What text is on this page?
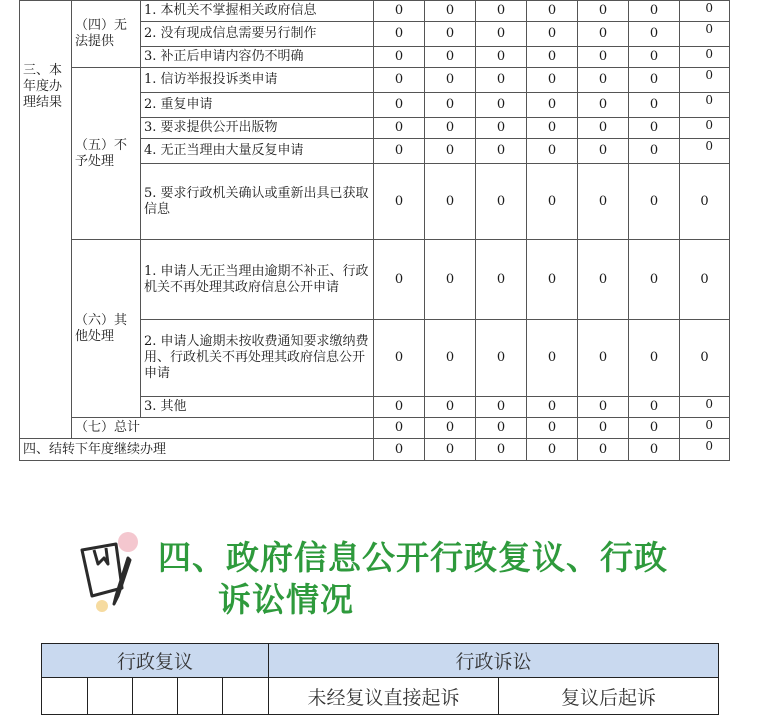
三、本年度办理结果	（四）无法提供	1. 本机关不掌握相关政府信息	0	0	0	0	0	0	0

		2. 没有现成信息需要另行制作	0	0	0	0	0	0	0

		3. 补正后申请内容仍不明确	0	0	0	0	0	0	0

	（五）不予处理	1. 信访举报投诉类申请	0	0	0	0	0	0	0

		2. 重复申请	0	0	0	0	0	0	0

		3. 要求提供公开出版物	0	0	0	0	0	0	0

		4. 无正当理由大量反复申请	0	0	0	0	0	0	0

		5. 要求行政机关确认或重新出具已获取信息	0	0	0	0	0	0	0
	（六）其他处理	1. 申请人无正当理由逾期不补正、行政机关不再处理其政府信息公开申请	0	0	0	0	0	0	0
		2. 申请人逾期未按收费通知要求缴纳费用、行政机关不再处理其政府信息公开申请	0	0	0	0	0	0	0
		3. 其他	0	0	0	0	0	0	0

	（七）总计		0	0	0	0	0	0	0

四、结转下年度继续办理			0	0	0	0	0	0	0
四、政府信息公开行政复议、行政
诉讼情况
行政复议					行政诉讼	
					未经复议直接起诉	复议后起诉
